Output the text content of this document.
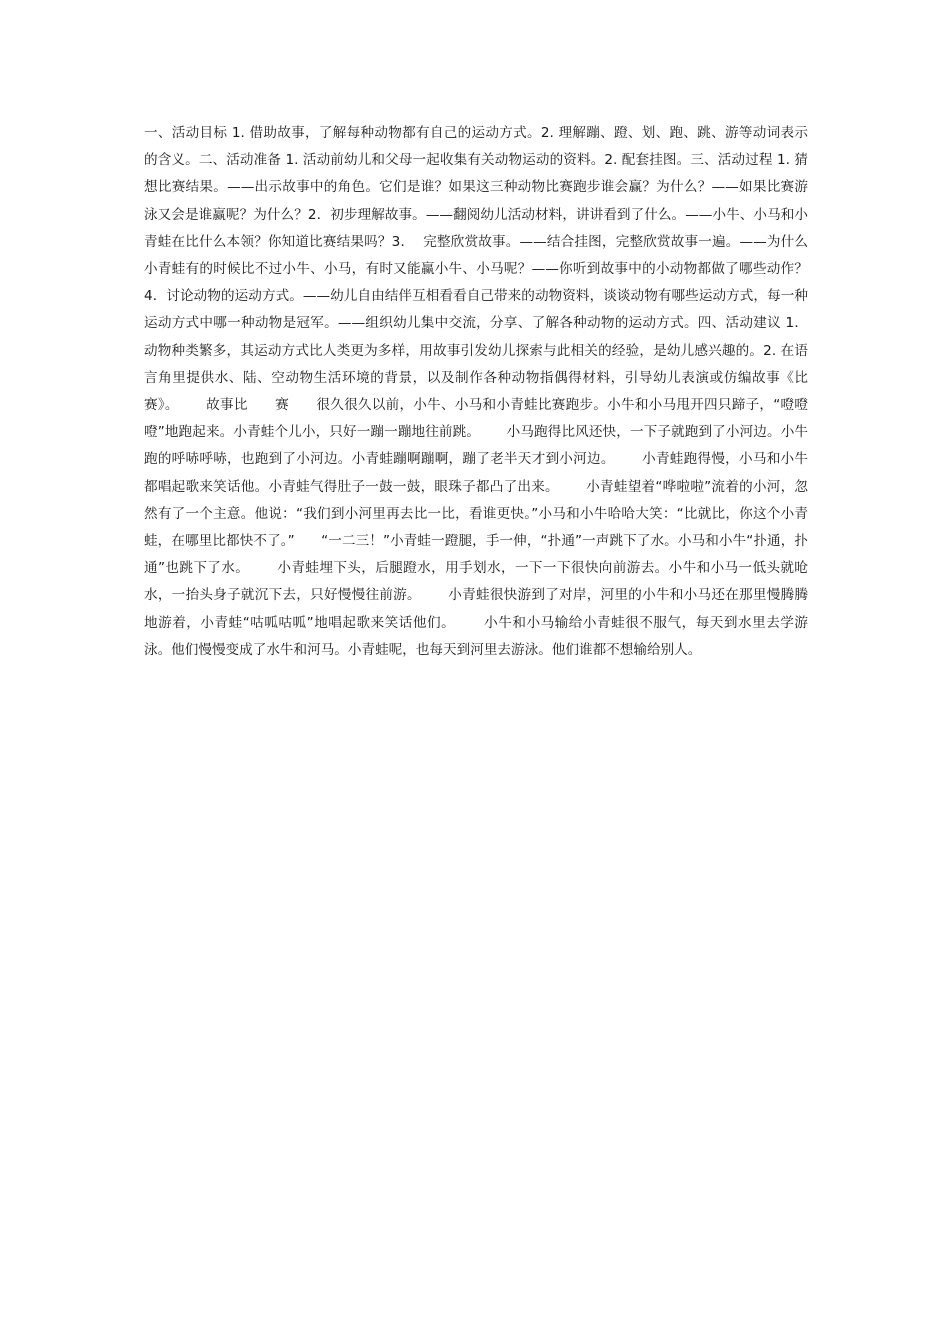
一、活动目标 1. 借助故事，了解每种动物都有自己的运动方式。2. 理解蹦、蹬、划、跑、跳、游等动词表示的含义。二、活动准备 1. 活动前幼儿和父母一起收集有关动物运动的资料。2. 配套挂图。三、活动过程 1. 猜想比赛结果。——出示故事中的角色。它们是谁？如果这三种动物比赛跑步谁会赢？为什么？——如果比赛游泳又会是谁赢呢？为什么？2．初步理解故事。——翻阅幼儿活动材料，讲讲看到了什么。——小牛、小马和小青蛙在比什么本领？你知道比赛结果吗？3．  完整欣赏故事。——结合挂图，完整欣赏故事一遍。——为什么小青蛙有的时候比不过小牛、小马，有时又能赢小牛、小马呢？——你听到故事中的小动物都做了哪些动作？4．讨论动物的运动方式。——幼儿自由结伴互相看看自己带来的动物资料，谈谈动物有哪些运动方式，每一种运动方式中哪一种动物是冠军。——组织幼儿集中交流，分享、了解各种动物的运动方式。四、活动建议 1．动物种类繁多，其运动方式比人类更为多样，用故事引发幼儿探索与此相关的经验，是幼儿感兴趣的。2. 在语言角里提供水、陆、空动物生活环境的背景，以及制作各种动物指偶得材料，引导幼儿表演或仿编故事《比赛》。      故事比      赛      很久很久以前，小牛、小马和小青蛙比赛跑步。小牛和小马甩开四只蹄子，“噔噔噔”地跑起来。小青蛙个儿小，只好一蹦一蹦地往前跳。      小马跑得比风还快，一下子就跑到了小河边。小牛跑的呼哧呼哧，也跑到了小河边。小青蛙蹦啊蹦啊，蹦了老半天才到小河边。      小青蛙跑得慢，小马和小牛都唱起歌来笑话他。小青蛙气得肚子一鼓一鼓，眼珠子都凸了出来。      小青蛙望着“哗啦啦”流着的小河，忽然有了一个主意。他说：“我们到小河里再去比一比，看谁更快。”小马和小牛哈哈大笑：“比就比，你这个小青蛙，在哪里比都快不了。”      “一二三！”小青蛙一蹬腿，手一伸，“扑通”一声跳下了水。小马和小牛“扑通，扑通”也跳下了水。      小青蛙埋下头，后腿蹬水，用手划水，一下一下很快向前游去。小牛和小马一低头就呛水，一抬头身子就沉下去，只好慢慢往前游。      小青蛙很快游到了对岸，河里的小牛和小马还在那里慢腾腾地游着，小青蛙“咕呱咕呱”地唱起歌来笑话他们。      小牛和小马输给小青蛙很不服气，每天到水里去学游泳。他们慢慢变成了水牛和河马。小青蛙呢，也每天到河里去游泳。他们谁都不想输给别人。
